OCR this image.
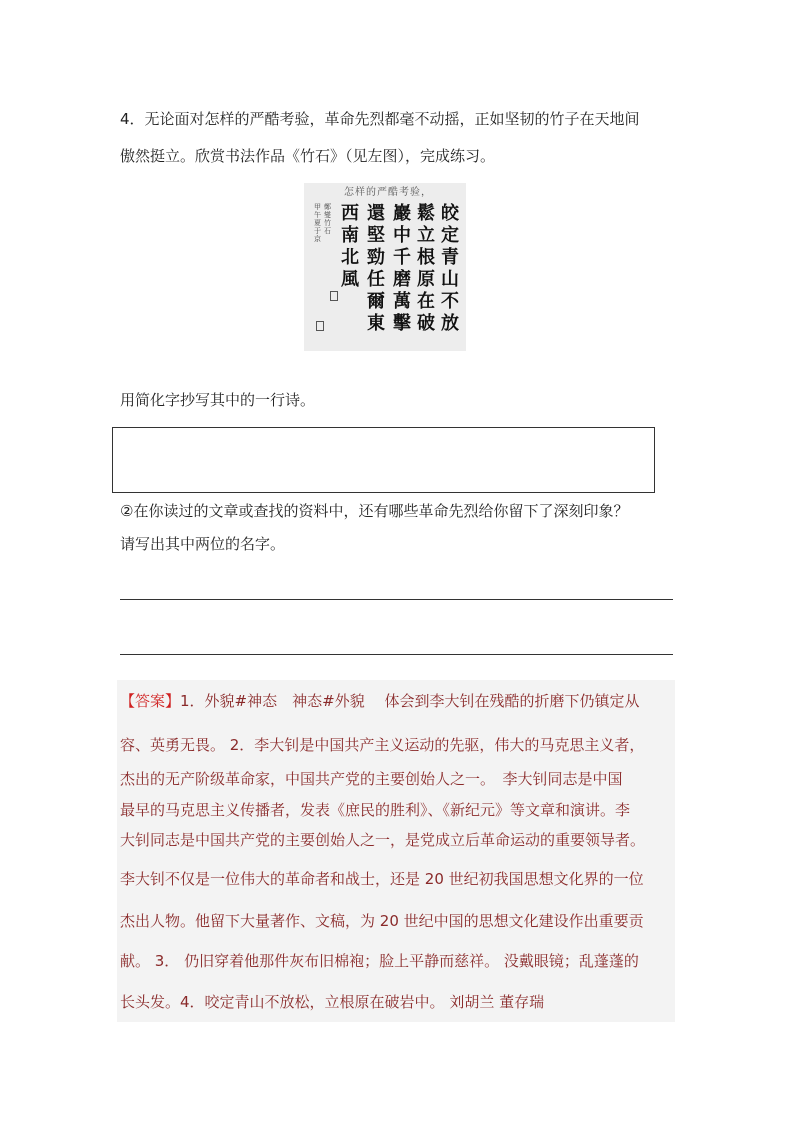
4．无论面对怎样的严酷考验，革命先烈都毫不动摇，正如坚韧的竹子在天地间
傲然挺立。欣赏书法作品《竹石》（见左图），完成练习。
怎样的严酷考验，
皎定青山不放
鬆立根原在破
巖中千磨萬擊
還堅勁任爾東
西南北風
鄭燮竹石
甲午夏于京
用简化字抄写其中的一行诗。
②在你读过的文章或查找的资料中，还有哪些革命先烈给你留下了深刻印象？
请写出其中两位的名字。
【答案】1．外貌#神态　神态#外貌　 体会到李大钊在残酷的折磨下仍镇定从
容、英勇无畏。 2．李大钊是中国共产主义运动的先驱，伟大的马克思主义者，
杰出的无产阶级革命家，中国共产党的主要创始人之一。　李大钊同志是中国
最早的马克思主义传播者，发表《庶民的胜利》、《新纪元》等文章和演讲。李
大钊同志是中国共产党的主要创始人之一，是党成立后革命运动的重要领导者。
李大钊不仅是一位伟大的革命者和战士，还是 20 世纪初我国思想文化界的一位
杰出人物。他留下大量著作、文稿，为 20 世纪中国的思想文化建设作出重要贡
献。 3． 仍旧穿着他那件灰布旧棉袍；脸上平静而慈祥。 没戴眼镜；乱蓬蓬的
长头发。4．咬定青山不放松，立根原在破岩中。 刘胡兰 董存瑞
